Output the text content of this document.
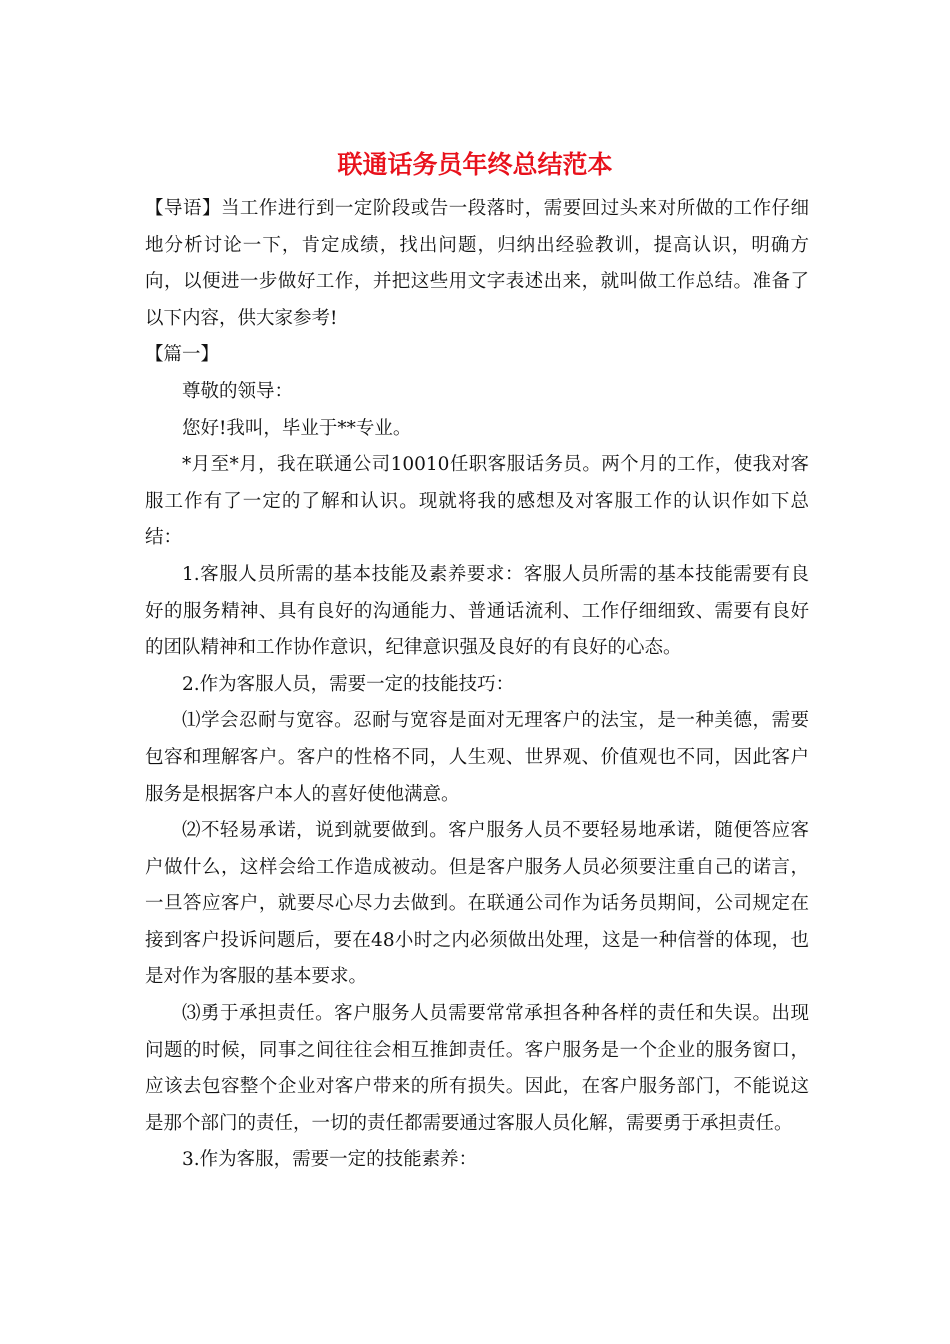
联通话务员年终总结范本

【导语】当工作进行到一定阶段或告一段落时，需要回过头来对所做的工作仔细地分析讨论一下，肯定成绩，找出问题，归纳出经验教训，提高认识，明确方向，以便进一步做好工作，并把这些用文字表述出来，就叫做工作总结。准备了以下内容，供大家参考!

【篇一】

尊敬的领导：

您好!我叫，毕业于**专业。

*月至*月，我在联通公司10010任职客服话务员。两个月的工作，使我对客服工作有了一定的了解和认识。现就将我的感想及对客服工作的认识作如下总结：

1.客服人员所需的基本技能及素养要求：客服人员所需的基本技能需要有良好的服务精神、具有良好的沟通能力、普通话流利、工作仔细细致、需要有良好的团队精神和工作协作意识，纪律意识强及良好的有良好的心态。

2.作为客服人员，需要一定的技能技巧：

⑴学会忍耐与宽容。忍耐与宽容是面对无理客户的法宝，是一种美德，需要包容和理解客户。客户的性格不同，人生观、世界观、价值观也不同，因此客户服务是根据客户本人的喜好使他满意。

⑵不轻易承诺，说到就要做到。客户服务人员不要轻易地承诺，随便答应客户做什么，这样会给工作造成被动。但是客户服务人员必须要注重自己的诺言，一旦答应客户，就要尽心尽力去做到。在联通公司作为话务员期间，公司规定在接到客户投诉问题后，要在48小时之内必须做出处理，这是一种信誉的体现，也是对作为客服的基本要求。

⑶勇于承担责任。客户服务人员需要常常承担各种各样的责任和失误。出现问题的时候，同事之间往往会相互推卸责任。客户服务是一个企业的服务窗口，应该去包容整个企业对客户带来的所有损失。因此，在客户服务部门，不能说这是那个部门的责任，一切的责任都需要通过客服人员化解，需要勇于承担责任。

3.作为客服，需要一定的技能素养：
